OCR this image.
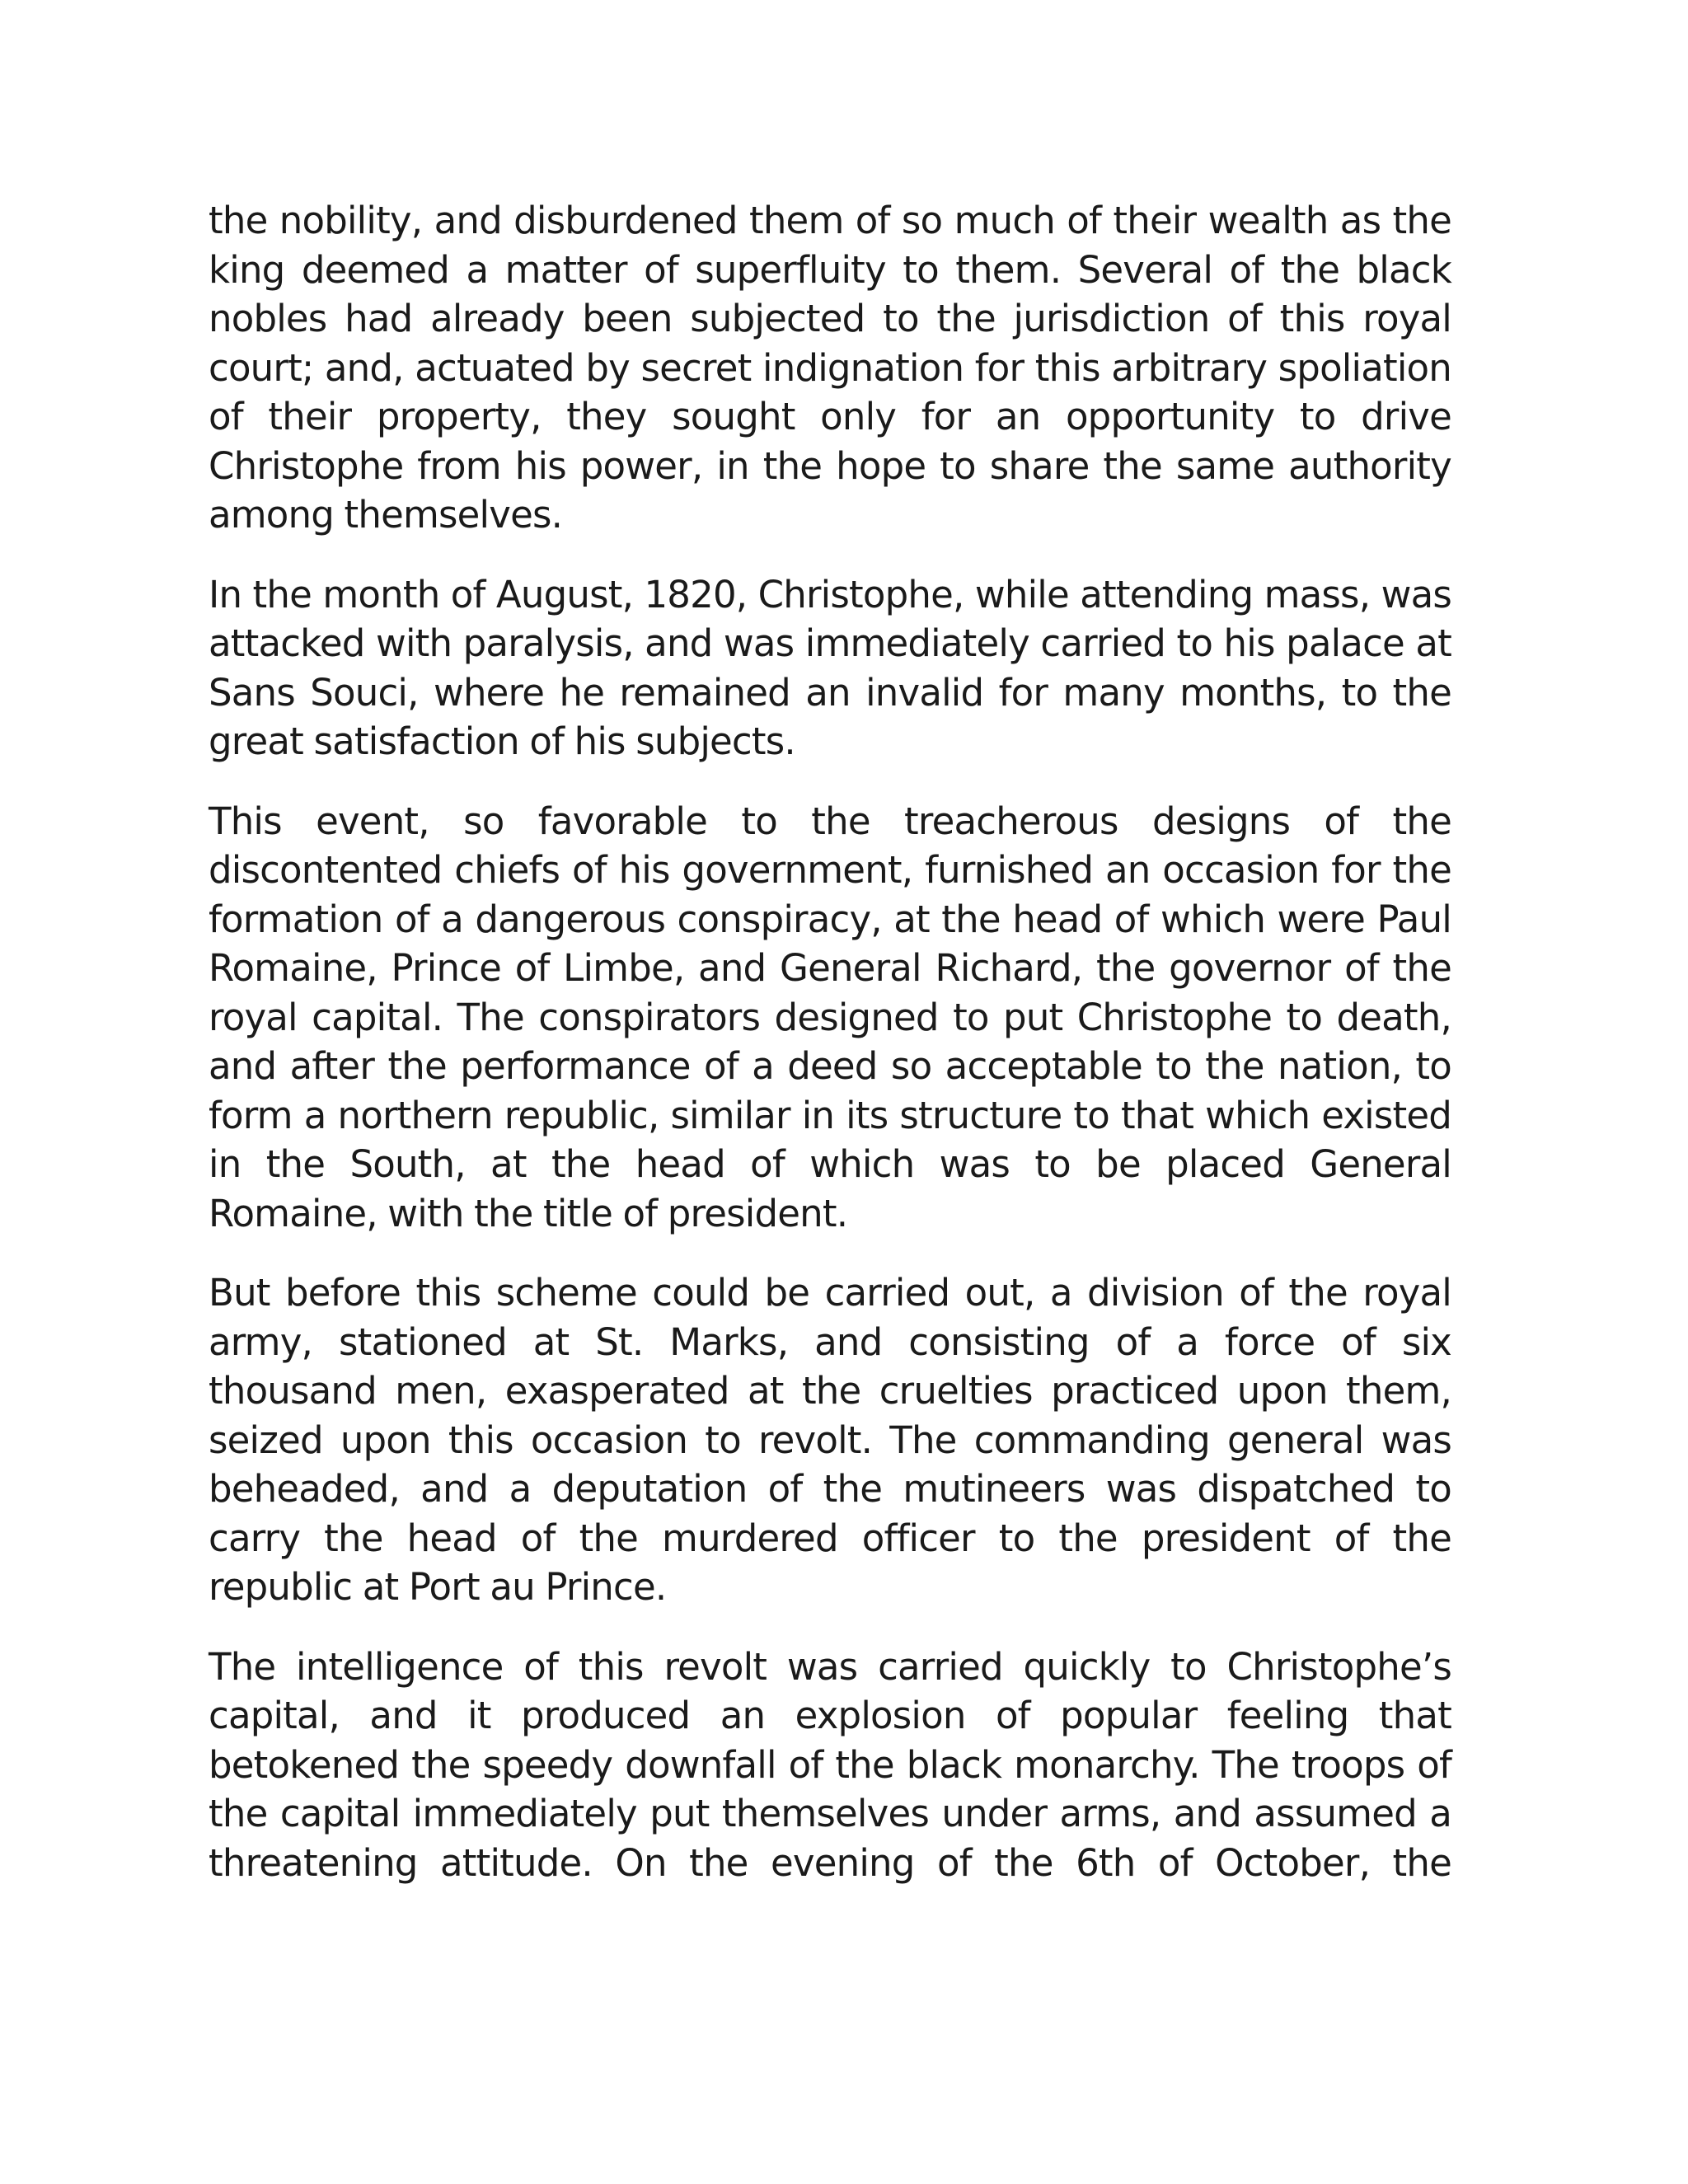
the nobility, and disburdened them of so much of their wealth as the king deemed a matter of superfluity to them. Several of the black nobles had already been subjected to the jurisdiction of this royal court; and, actuated by secret indignation for this arbitrary spoliation of their property, they sought only for an opportunity to drive Christophe from his power, in the hope to share the same authority among themselves.

In the month of August, 1820, Christophe, while attending mass, was attacked with paralysis, and was immediately carried to his palace at Sans Souci, where he remained an invalid for many months, to the great satisfaction of his subjects.

This event, so favorable to the treacherous designs of the discontented chiefs of his government, furnished an occasion for the formation of a dangerous conspiracy, at the head of which were Paul Romaine, Prince of Limbe, and General Richard, the governor of the royal capital. The conspirators designed to put Christophe to death, and after the performance of a deed so acceptable to the nation, to form a northern republic, similar in its structure to that which existed in the South, at the head of which was to be placed General Romaine, with the title of president.

But before this scheme could be carried out, a division of the royal army, stationed at St. Marks, and consisting of a force of six thousand men, exasperated at the cruelties practiced upon them, seized upon this occasion to revolt. The commanding general was beheaded, and a deputation of the mutineers was dispatched to carry the head of the murdered officer to the president of the republic at Port au Prince.

The intelligence of this revolt was carried quickly to Christophe’s capital, and it produced an explosion of popular feeling that betokened the speedy downfall of the black monarchy. The troops of the capital immediately put themselves under arms, and assumed a threatening attitude. On the evening of the 6th of October, the
